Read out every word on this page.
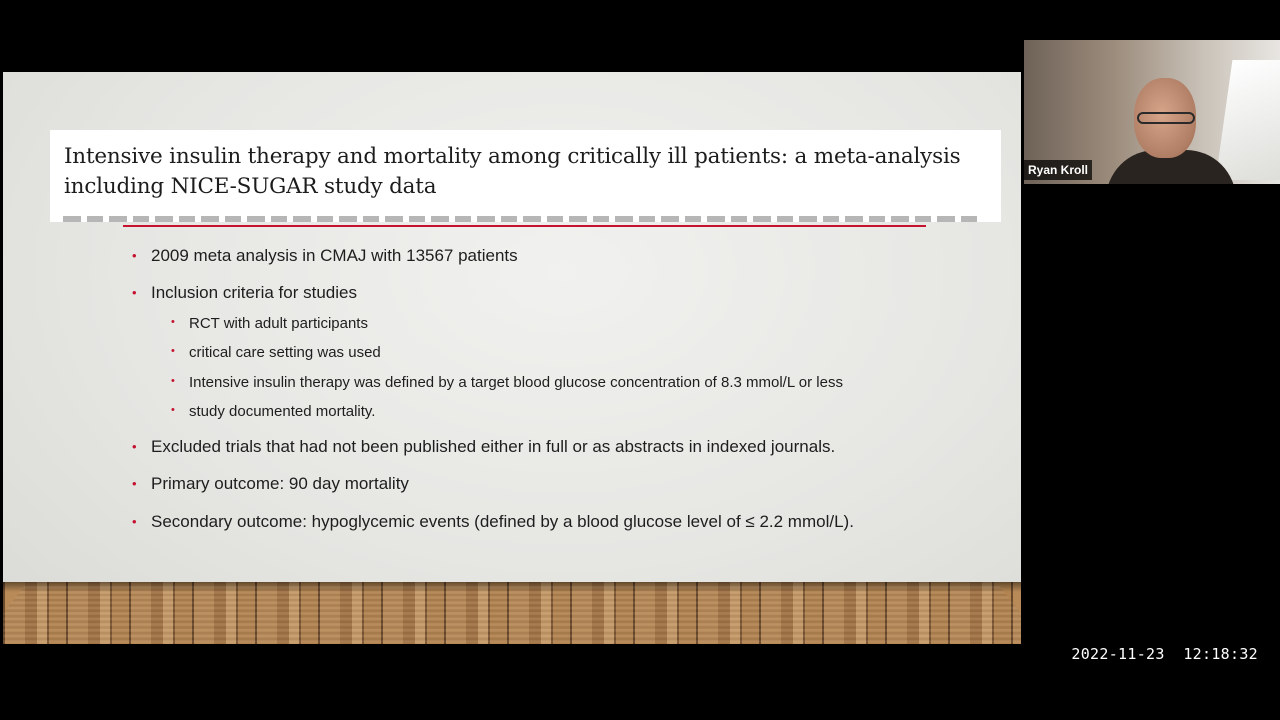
Intensive insulin therapy and mortality among critically ill patients: a meta-analysis including NICE-SUGAR study data

• 2009 meta analysis in CMAJ with 13567 patients

• Inclusion criteria for studies

• RCT with adult participants

• critical care setting was used

• Intensive insulin therapy was defined by a target blood glucose concentration of 8.3 mmol/L or less

• study documented mortality.

• Excluded trials that had not been published either in full or as abstracts in indexed journals.

• Primary outcome: 90 day mortality

• Secondary outcome: hypoglycemic events (defined by a blood glucose level of ≤ 2.2 mmol/L).

Ryan Kroll
2022-11-23  12:18:32
